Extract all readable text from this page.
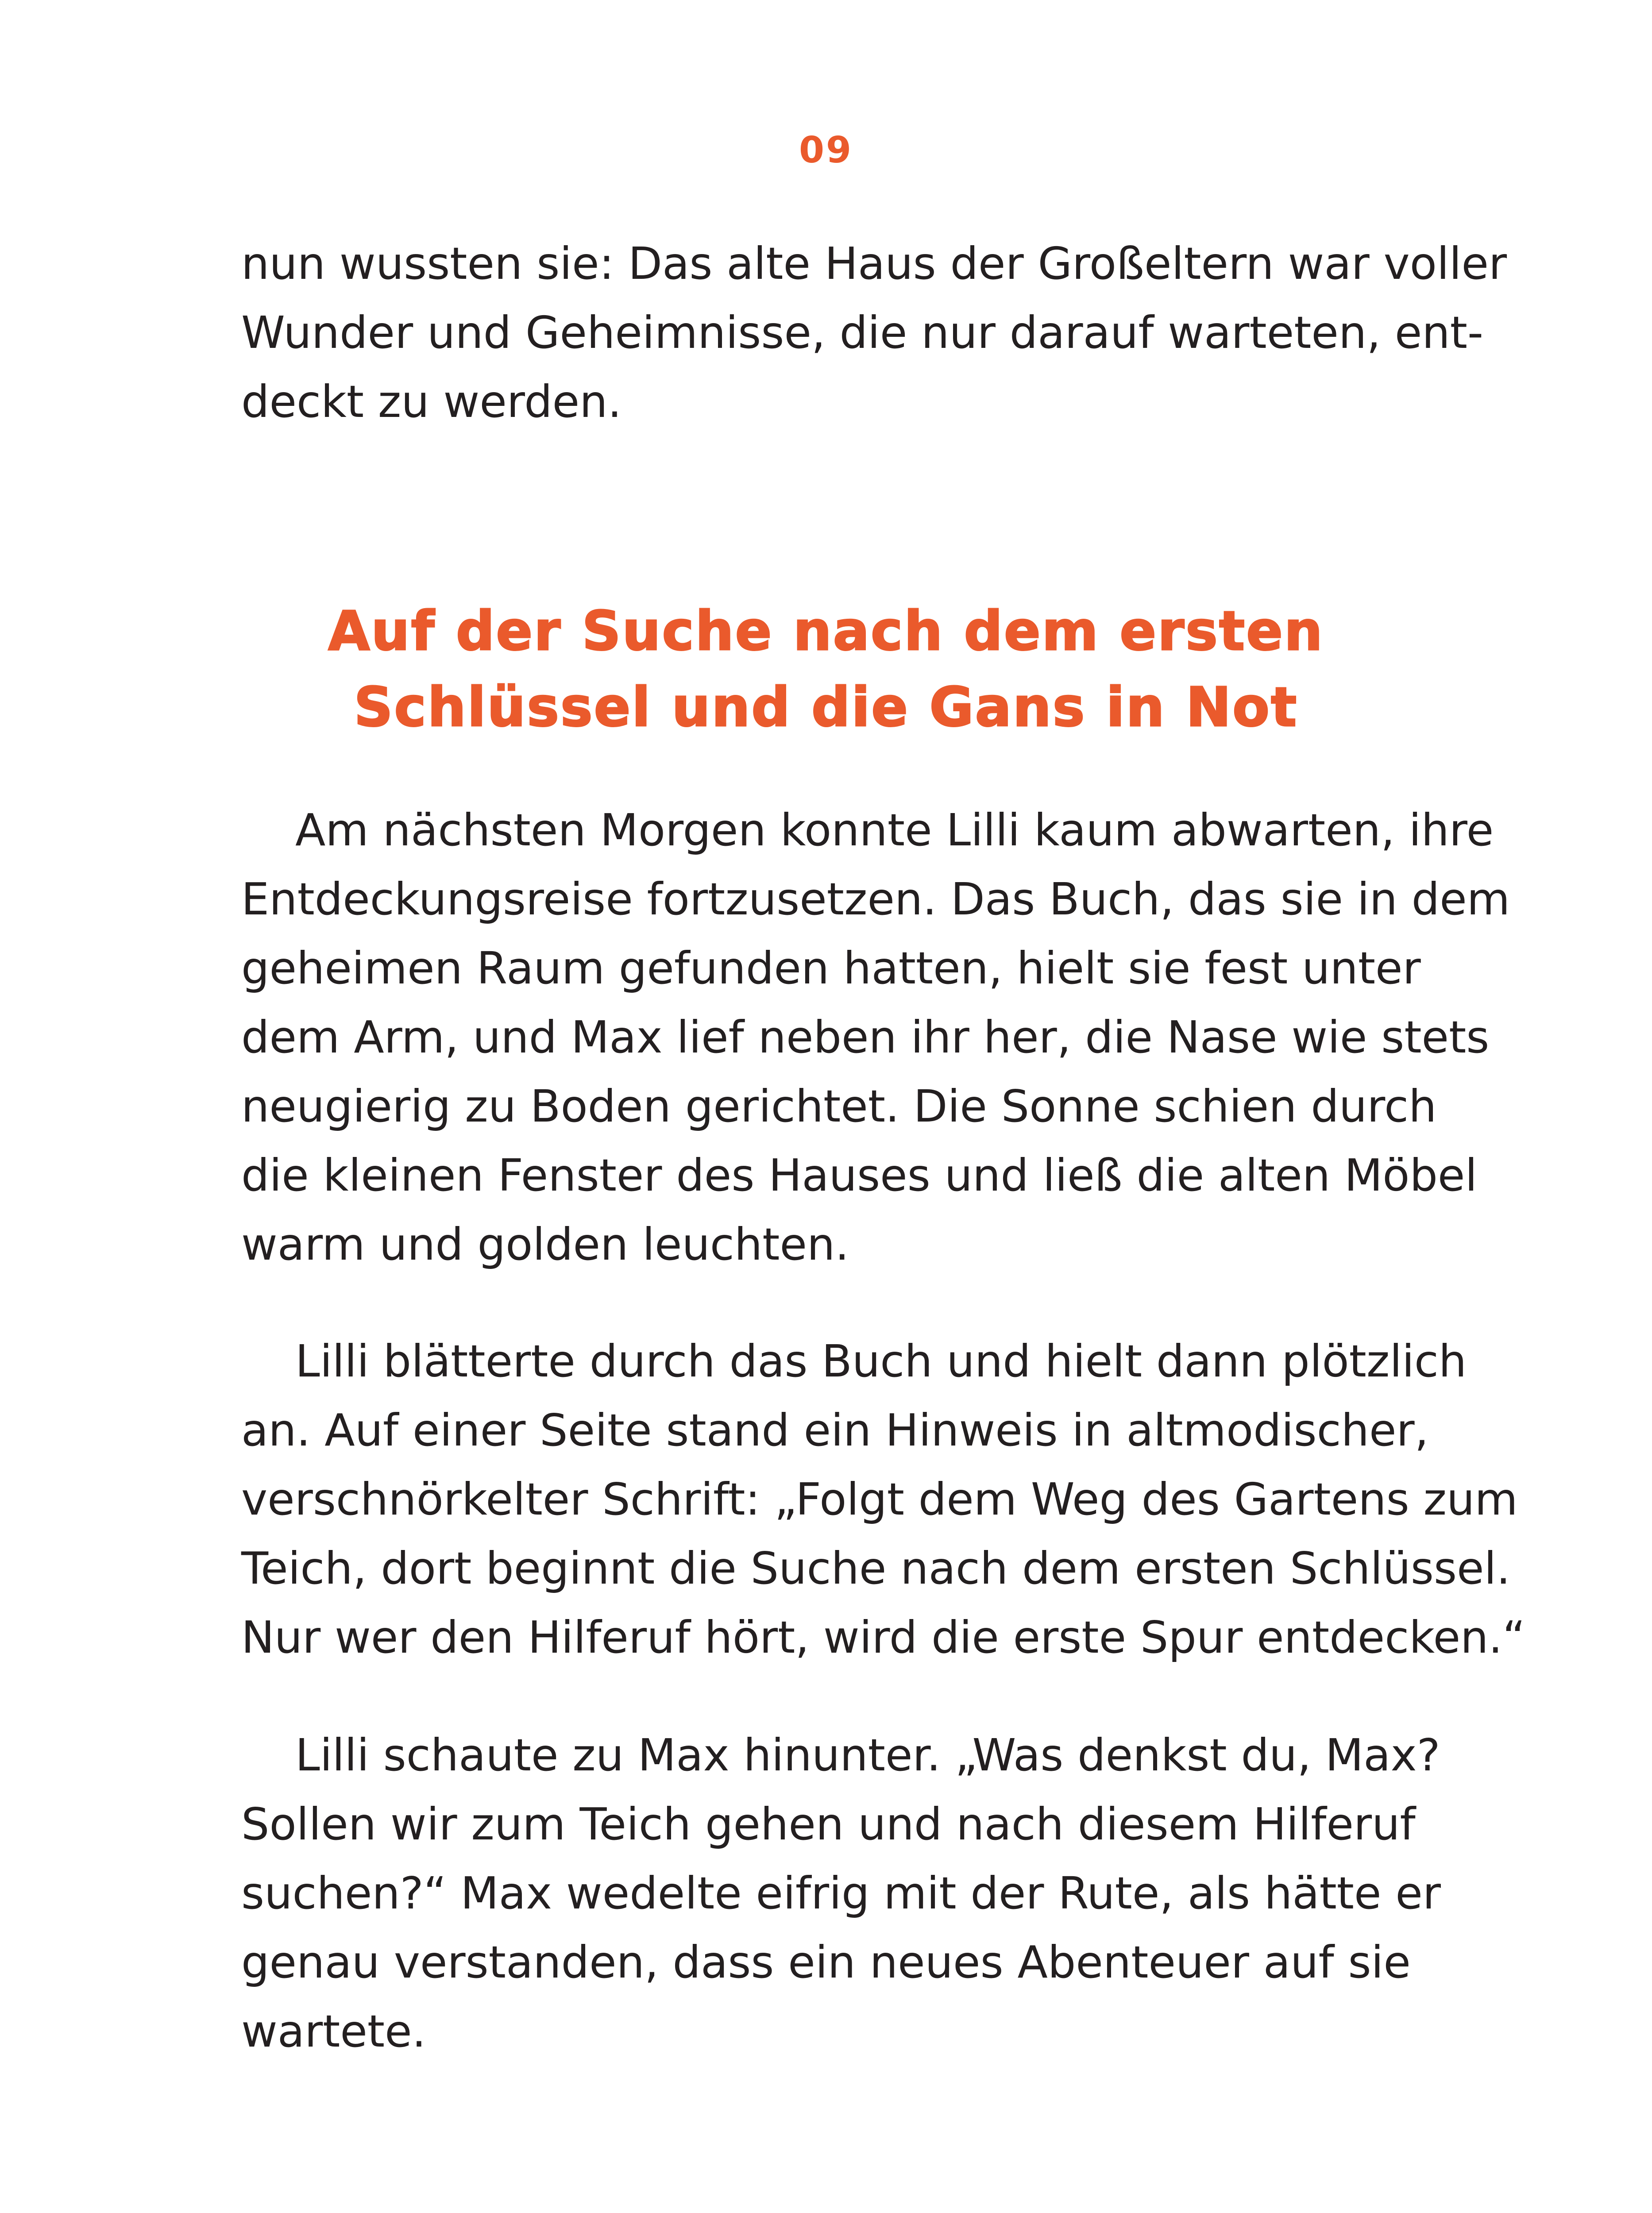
09

nun wussten sie: Das alte Haus der Großeltern war voller
Wunder und Geheimnisse, die nur darauf warteten, ent-
deckt zu werden.

Auf der Suche nach dem ersten
Schlüssel und die Gans in Not

Am nächsten Morgen konnte Lilli kaum abwarten, ihre
Entdeckungsreise fortzusetzen. Das Buch, das sie in dem
geheimen Raum gefunden hatten, hielt sie fest unter
dem Arm, und Max lief neben ihr her, die Nase wie stets
neugierig zu Boden gerichtet. Die Sonne schien durch
die kleinen Fenster des Hauses und ließ die alten Möbel
warm und golden leuchten.

Lilli blätterte durch das Buch und hielt dann plötzlich
an. Auf einer Seite stand ein Hinweis in altmodischer,
verschnörkelter Schrift: „Folgt dem Weg des Gartens zum
Teich, dort beginnt die Suche nach dem ersten Schlüssel.
Nur wer den Hilferuf hört, wird die erste Spur entdecken.“

Lilli schaute zu Max hinunter. „Was denkst du, Max?
Sollen wir zum Teich gehen und nach diesem Hilferuf
suchen?“ Max wedelte eifrig mit der Rute, als hätte er
genau verstanden, dass ein neues Abenteuer auf sie
wartete.
